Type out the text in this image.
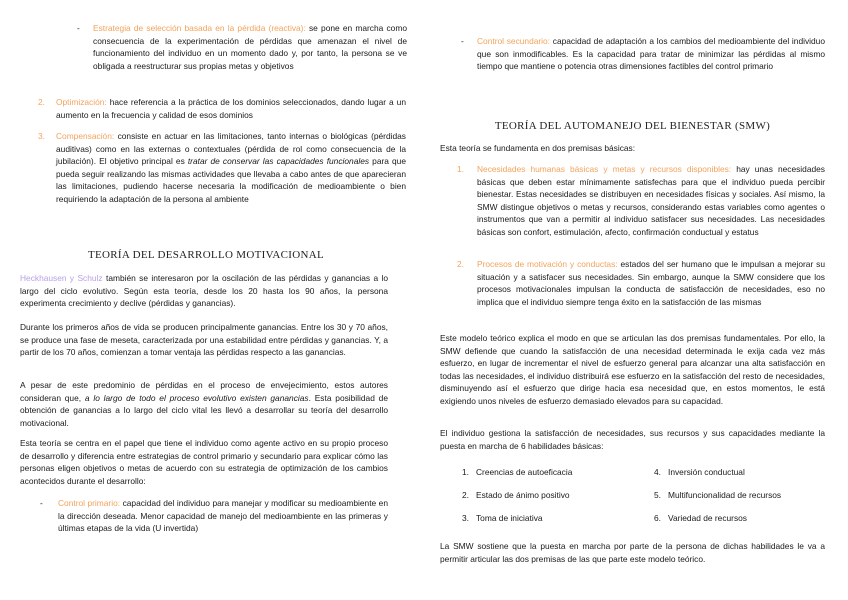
- Estrategia de selección basada en la pérdida (reactiva): se pone en marcha como consecuencia de la experimentación de pérdidas que amenazan el nivel de funcionamiento del individuo en un momento dado y, por tanto, la persona se ve obligada a reestructurar sus propias metas y objetivos

2. Optimización: hace referencia a la práctica de los dominios seleccionados, dando lugar a un aumento en la frecuencia y calidad de esos dominios

3. Compensación: consiste en actuar en las limitaciones, tanto internas o biológicas (pérdidas auditivas) como en las externas o contextuales (pérdida de rol como consecuencia de la jubilación). El objetivo principal es tratar de conservar las capacidades funcionales para que pueda seguir realizando las mismas actividades que llevaba a cabo antes de que aparecieran las limitaciones, pudiendo hacerse necesaria la modificación de medioambiente o bien requiriendo la adaptación de la persona al ambiente

TEORÍA DEL DESARROLLO MOTIVACIONAL

Heckhausen y Schulz también se interesaron por la oscilación de las pérdidas y ganancias a lo largo del ciclo evolutivo. Según esta teoría, desde los 20 hasta los 90 años, la persona experimenta crecimiento y declive (pérdidas y ganancias).

Durante los primeros años de vida se producen principalmente ganancias. Entre los 30 y 70 años, se produce una fase de meseta, caracterizada por una estabilidad entre pérdidas y ganancias. Y, a partir de los 70 años, comienzan a tomar ventaja las pérdidas respecto a las ganancias.

A pesar de este predominio de pérdidas en el proceso de envejecimiento, estos autores consideran que, a lo largo de todo el proceso evolutivo existen ganancias. Esta posibilidad de obtención de ganancias a lo largo del ciclo vital les llevó a desarrollar su teoría del desarrollo motivacional.

Esta teoría se centra en el papel que tiene el individuo como agente activo en su propio proceso de desarrollo y diferencia entre estrategias de control primario y secundario para explicar cómo las personas eligen objetivos o metas de acuerdo con su estrategia de optimización de los cambios acontecidos durante el desarrollo:

- Control primario: capacidad del individuo para manejar y modificar su medioambiente en la dirección deseada. Menor capacidad de manejo del medioambiente en las primeras y últimas etapas de la vida (U invertida)

- Control secundario: capacidad de adaptación a los cambios del medioambiente del individuo que son inmodificables. Es la capacidad para tratar de minimizar las pérdidas al mismo tiempo que mantiene o potencia otras dimensiones factibles del control primario

TEORÍA DEL AUTOMANEJO DEL BIENESTAR (SMW)

Esta teoría se fundamenta en dos premisas básicas:

1. Necesidades humanas básicas y metas y recursos disponibles: hay unas necesidades básicas que deben estar mínimamente satisfechas para que el individuo pueda percibir bienestar. Estas necesidades se distribuyen en necesidades físicas y sociales. Así mismo, la SMW distingue objetivos o metas y recursos, considerando estas variables como agentes o instrumentos que van a permitir al individuo satisfacer sus necesidades. Las necesidades básicas son confort, estimulación, afecto, confirmación conductual y estatus

2. Procesos de motivación y conductas: estados del ser humano que le impulsan a mejorar su situación y a satisfacer sus necesidades. Sin embargo, aunque la SMW considere que los procesos motivacionales impulsan la conducta de satisfacción de necesidades, eso no implica que el individuo siempre tenga éxito en la satisfacción de las mismas

Este modelo teórico explica el modo en que se articulan las dos premisas fundamentales. Por ello, la SMW defiende que cuando la satisfacción de una necesidad determinada le exija cada vez más esfuerzo, en lugar de incrementar el nivel de esfuerzo general para alcanzar una alta satisfacción en todas las necesidades, el individuo distribuirá ese esfuerzo en la satisfacción del resto de necesidades, disminuyendo así el esfuerzo que dirige hacia esa necesidad que, en estos momentos, le está exigiendo unos niveles de esfuerzo demasiado elevados para su capacidad.

El individuo gestiona la satisfacción de necesidades, sus recursos y sus capacidades mediante la puesta en marcha de 6 habilidades básicas:

1. Creencias de autoeficacia
2. Estado de ánimo positivo
3. Toma de iniciativa
4. Inversión conductual
5. Multifuncionalidad de recursos
6. Variedad de recursos

La SMW sostiene que la puesta en marcha por parte de la persona de dichas habilidades le va a permitir articular las dos premisas de las que parte este modelo teórico.
